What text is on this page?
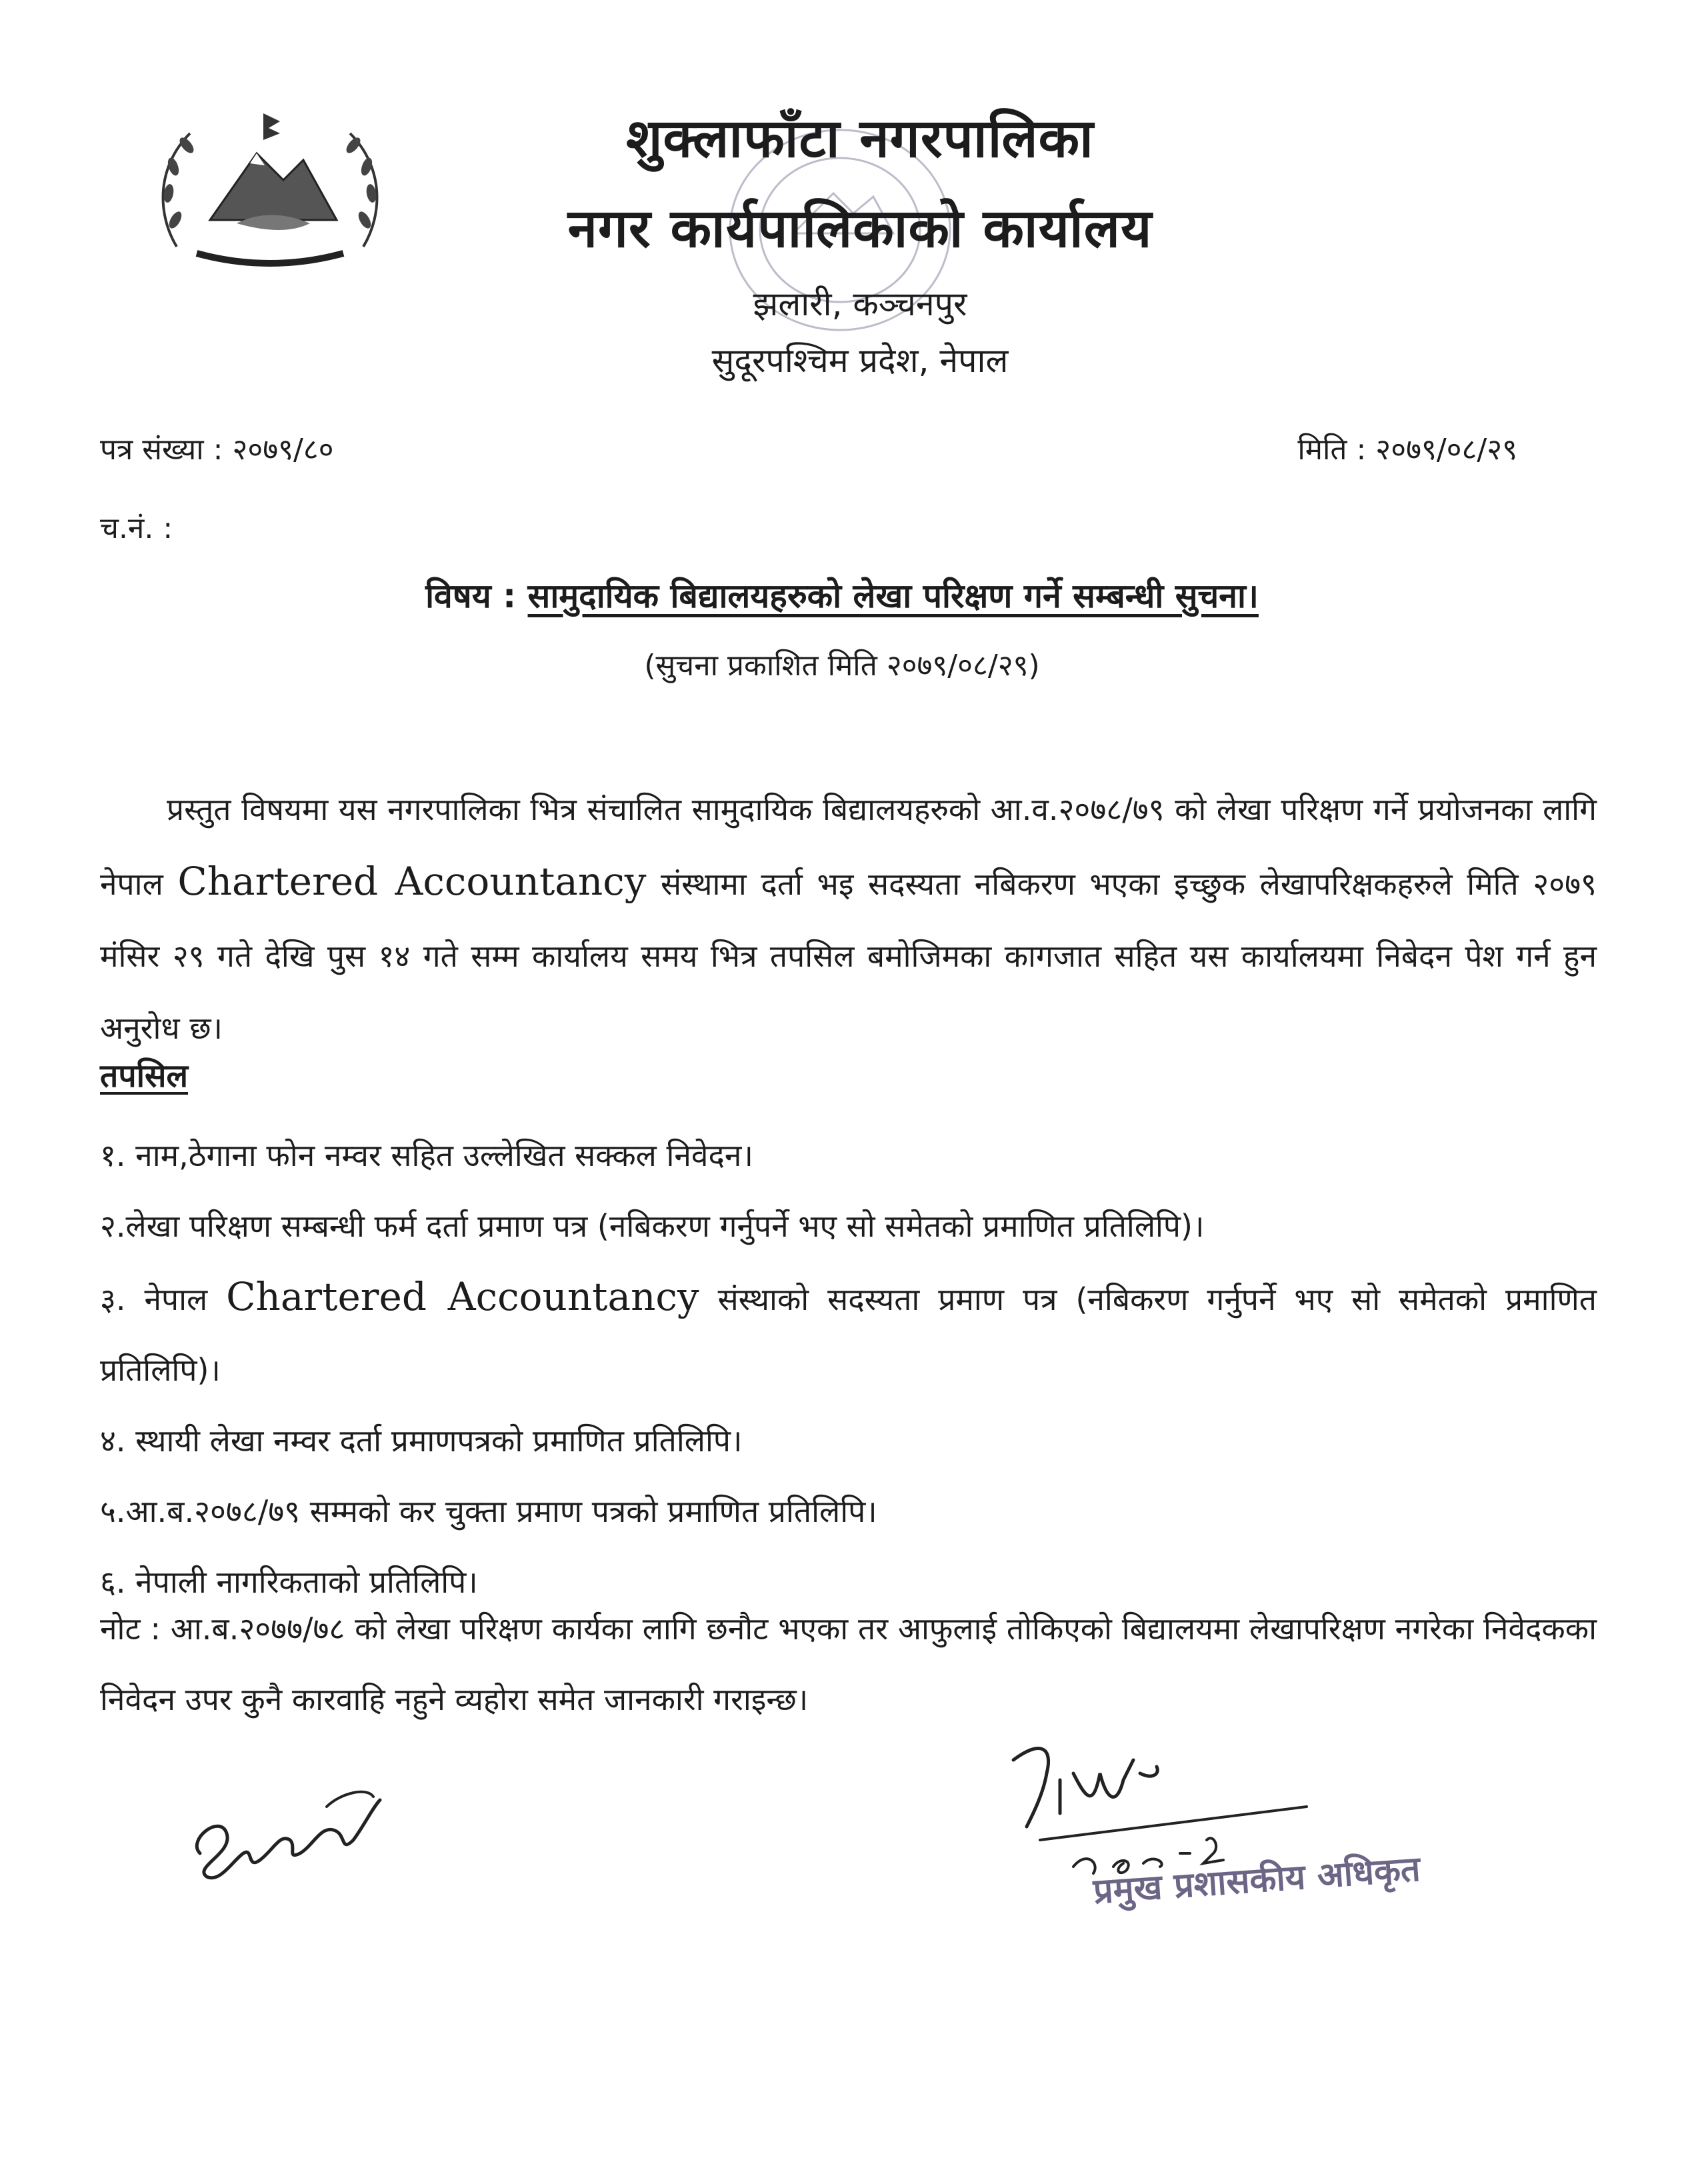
शुक्लाफाँटा नगरपालिका
नगर कार्यपालिकाको कार्यालय
झलारी, कञ्चनपुर
सुदूरपश्चिम प्रदेश, नेपाल
पत्र संख्या : २०७९/८०	मिति : २०७९/०८/२९
च.नं. :
विषय : सामुदायिक बिद्यालयहरुको लेखा परिक्षण गर्ने सम्बन्धी सुचना।
(सुचना प्रकाशित मिति २०७९/०८/२९)
प्रस्तुत विषयमा यस नगरपालिका भित्र संचालित सामुदायिक बिद्यालयहरुको आ.व.२०७८/७९ को लेखा परिक्षण गर्ने प्रयोजनका लागि नेपाल Chartered Accountancy संस्थामा दर्ता भइ सदस्यता नबिकरण भएका इच्छुक लेखापरिक्षकहरुले मिति २०७९ मंसिर २९ गते देखि पुस १४ गते सम्म कार्यालय समय भित्र तपसिल बमोजिमका कागजात सहित यस कार्यालयमा निबेदन पेश गर्न हुन अनुरोध छ।
तपसिल
१. नाम,ठेगाना फोन नम्वर सहित उल्लेखित सक्कल निवेदन।
२.लेखा परिक्षण सम्बन्धी फर्म दर्ता प्रमाण पत्र (नबिकरण गर्नुपर्ने भए सो समेतको प्रमाणित प्रतिलिपि)।
३. नेपाल Chartered Accountancy संस्थाको सदस्यता प्रमाण पत्र (नबिकरण गर्नुपर्ने भए सो समेतको प्रमाणित प्रतिलिपि)।
४. स्थायी लेखा नम्वर दर्ता प्रमाणपत्रको प्रमाणित प्रतिलिपि।
५.आ.ब.२०७८/७९ सम्मको कर चुक्ता प्रमाण पत्रको प्रमाणित प्रतिलिपि।
६. नेपाली नागरिकताको प्रतिलिपि।
नोट : आ.ब.२०७७/७८ को लेखा परिक्षण कार्यका लागि छनौट भएका तर आफुलाई तोकिएको बिद्यालयमा लेखापरिक्षण नगरेका निवेदकका निवेदन उपर कुनै कारवाहि नहुने व्यहोरा समेत जानकारी गराइन्छ।
प्रमुख प्रशासकीय अधिकृत
